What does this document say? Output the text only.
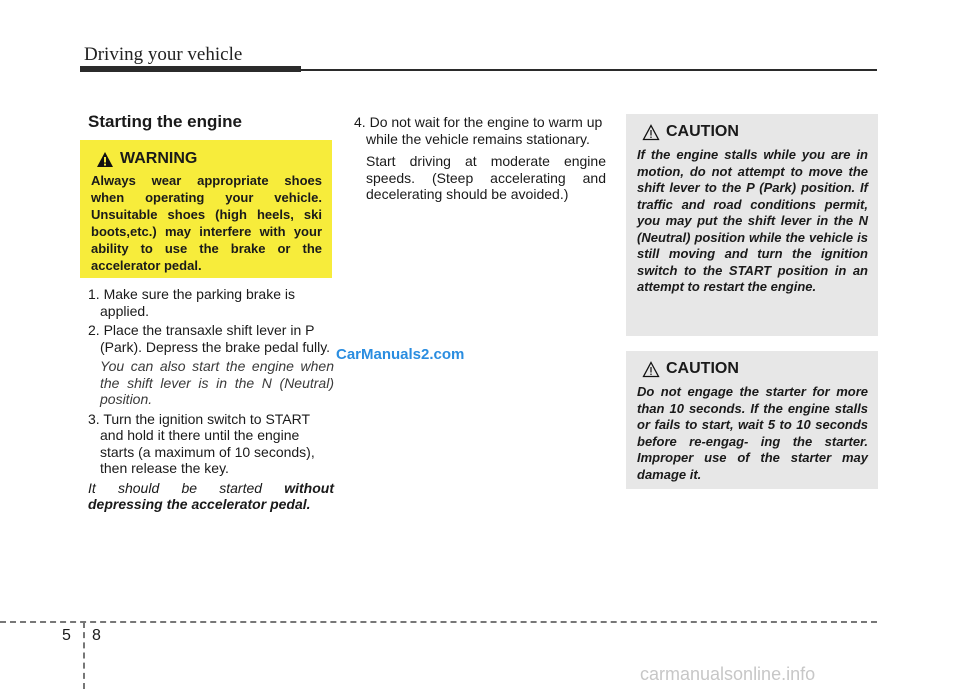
Driving your vehicle
Starting the engine
WARNING
Always wear appropriate shoes when operating your vehicle. Unsuitable shoes (high heels, ski boots,etc.) may interfere with your ability to use the brake or the accelerator pedal.
1. Make sure the parking brake is applied.
2. Place the transaxle shift lever in P (Park). Depress the brake pedal fully.
You can also start the engine when the shift lever is in the N (Neutral) position.
3. Turn the ignition switch to START and hold it there until the engine starts (a maximum of 10 seconds), then release the key.
It should be started without depressing the accelerator pedal.
4. Do not wait for the engine to warm up while the vehicle remains stationary.
Start driving at moderate engine speeds. (Steep accelerating and decelerating should be avoided.)
CAUTION
If the engine stalls while you are in motion, do not attempt to move the shift lever to the P (Park) position. If traffic and road conditions permit, you may put the shift lever in the N (Neutral) position while the vehicle is still moving and turn the ignition switch to the START position in an attempt to restart the engine.
CAUTION
Do not engage the starter for more than 10 seconds. If the engine stalls or fails to start, wait 5 to 10 seconds before re-engag- ing the starter. Improper use of the starter may damage it.
CarManuals2.com
carmanualsonline.info
5 8
